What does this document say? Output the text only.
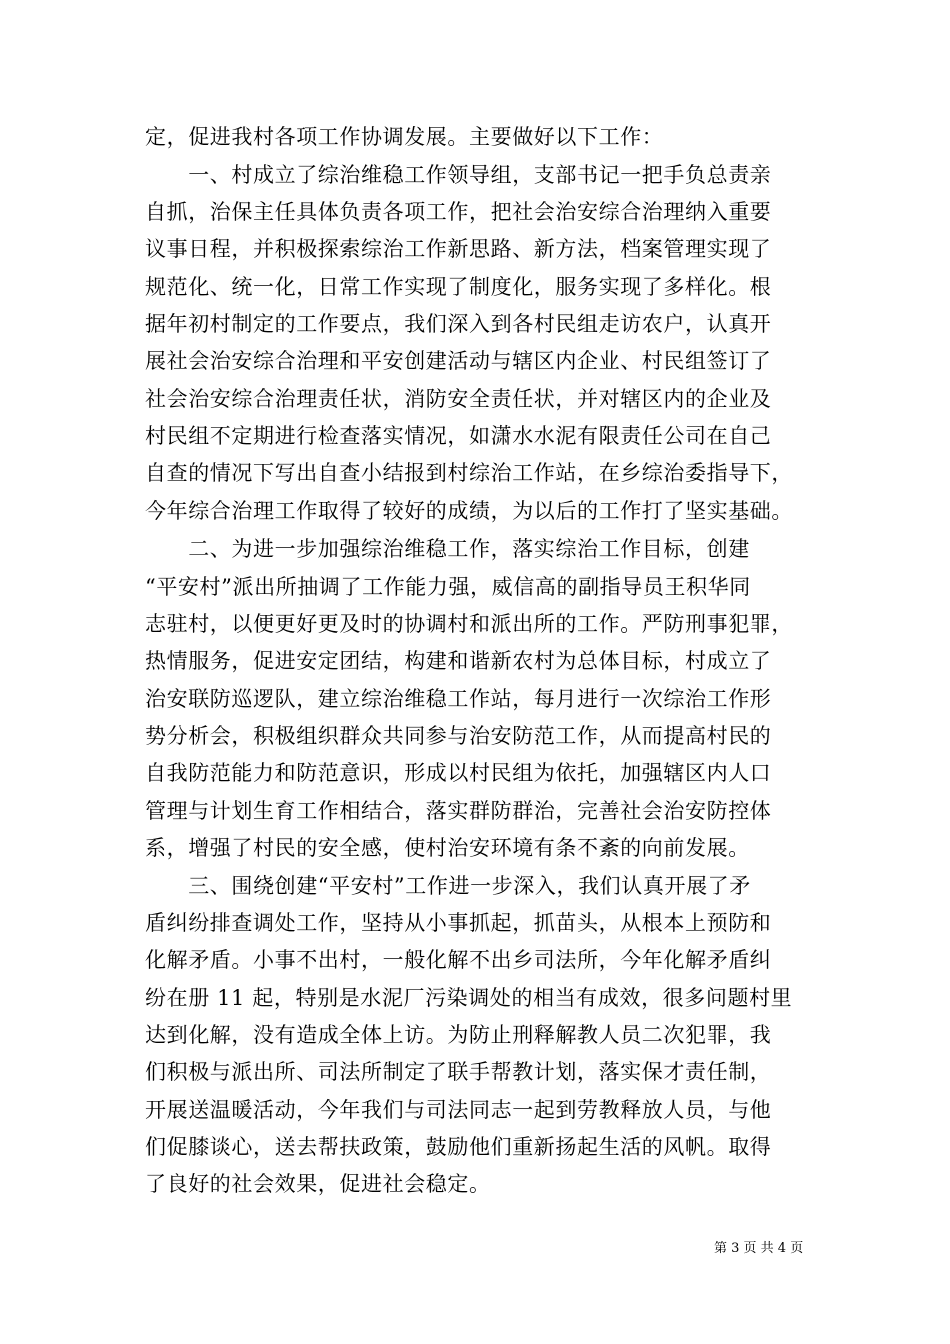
定，促进我村各项工作协调发展。主要做好以下工作：
　　一、村成立了综治维稳工作领导组，支部书记一把手负总责亲
自抓，治保主任具体负责各项工作，把社会治安综合治理纳入重要
议事日程，并积极探索综治工作新思路、新方法，档案管理实现了
规范化、统一化，日常工作实现了制度化，服务实现了多样化。根
据年初村制定的工作要点，我们深入到各村民组走访农户，认真开
展社会治安综合治理和平安创建活动与辖区内企业、村民组签订了
社会治安综合治理责任状，消防安全责任状，并对辖区内的企业及
村民组不定期进行检查落实情况，如潇水水泥有限责任公司在自己
自查的情况下写出自查小结报到村综治工作站，在乡综治委指导下，
今年综合治理工作取得了较好的成绩，为以后的工作打了坚实基础。
　　二、为进一步加强综治维稳工作，落实综治工作目标，创建
“平安村”派出所抽调了工作能力强，威信高的副指导员王积华同
志驻村，以便更好更及时的协调村和派出所的工作。严防刑事犯罪，
热情服务，促进安定团结，构建和谐新农村为总体目标，村成立了
治安联防巡逻队，建立综治维稳工作站，每月进行一次综治工作形
势分析会，积极组织群众共同参与治安防范工作，从而提高村民的
自我防范能力和防范意识，形成以村民组为依托，加强辖区内人口
管理与计划生育工作相结合，落实群防群治，完善社会治安防控体
系，增强了村民的安全感，使村治安环境有条不紊的向前发展。
　　三、围绕创建“平安村”工作进一步深入，我们认真开展了矛
盾纠纷排查调处工作，坚持从小事抓起，抓苗头，从根本上预防和
化解矛盾。小事不出村，一般化解不出乡司法所，今年化解矛盾纠
纷在册 11 起，特别是水泥厂污染调处的相当有成效，很多问题村里
达到化解，没有造成全体上访。为防止刑释解教人员二次犯罪，我
们积极与派出所、司法所制定了联手帮教计划，落实保才责任制，
开展送温暖活动，今年我们与司法同志一起到劳教释放人员，与他
们促膝谈心，送去帮扶政策，鼓励他们重新扬起生活的风帆。取得
了良好的社会效果，促进社会稳定。
第 3 页 共 4 页
